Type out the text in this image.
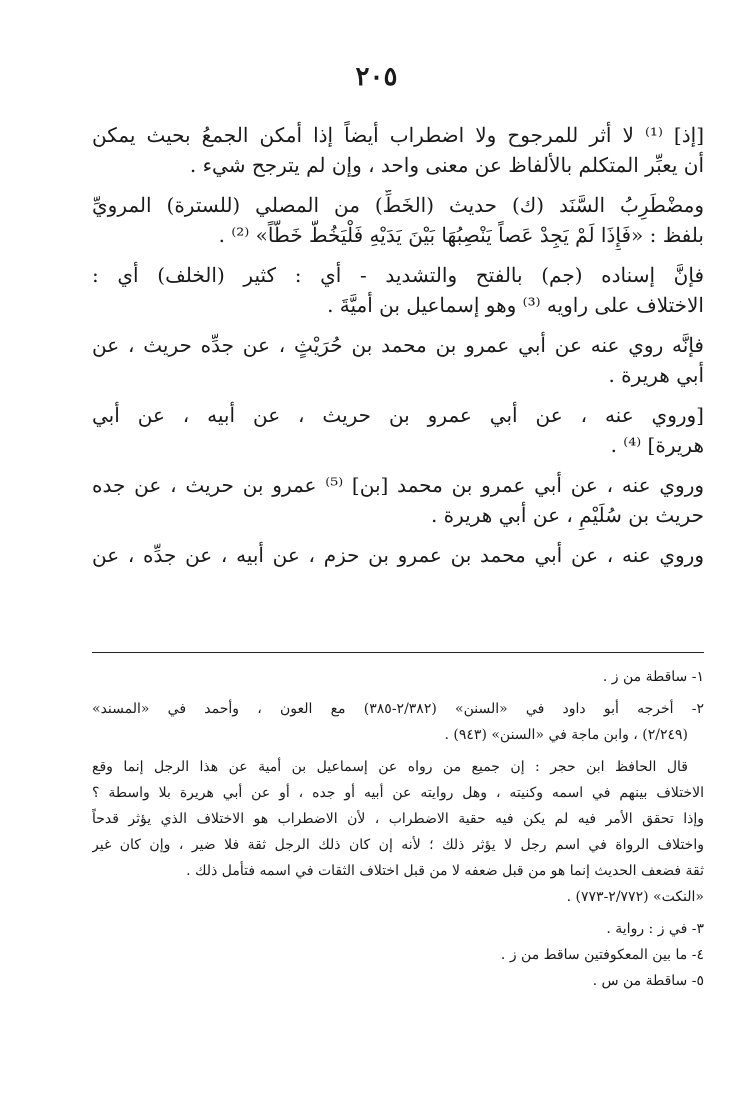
٢٠٥
[إذ] ⁽¹⁾ لا أثر للمرجوح ولا اضطراب أيضاً إذا أمكن الجمعُ بحيث يمكن
أن يعبِّر المتكلم بالألفاظ عن معنى واحد ، وإن لم يترجح شيء .
ومضْطَرِبُ السَّنَد (ك) حديث (الخَطِّ) من المصلي (للسترة) المرويِّ
بلفظ : «فَإِذَا لَمْ يَجِدْ عَصاً يَنْصِبُهَا بَيْنَ يَدَيْهِ فَلْيَخُطَّ خَطّاً» ⁽²⁾ .
فإنَّ إسناده (جم) بالفتح والتشديد - أي : كثير (الخلف) أي :
الاختلاف على راويه ⁽³⁾ وهو إسماعيل بن أميَّةَ .
فإنَّه روي عنه عن أبي عمرو بن محمد بن حُرَيْثٍ ، عن جدِّه حريث ، عن
أبي هريرة .
[وروي عنه ، عن أبي عمرو بن حريث ، عن أبيه ، عن أبي
هريرة] ⁽⁴⁾ .
وروي عنه ، عن أبي عمرو بن محمد [بن] ⁽⁵⁾ عمرو بن حريث ، عن جده
حريث بن سُلَيْمٍ ، عن أبي هريرة .
وروي عنه ، عن أبي محمد بن عمرو بن حزم ، عن أبيه ، عن جدِّه ، عن
١- ساقطة من ز .
٢- أخرجه أبو داود في «السنن» (٢/٣٨٢-٣٨٥) مع العون ، وأحمد في «المسند»
(٢/٢٤٩) ، وابن ماجة في «السنن» (٩٤٣) .
قال الحافظ ابن حجر : إن جميع من رواه عن إسماعيل بن أمية عن هذا الرجل إنما وقع
الاختلاف بينهم في اسمه وكنيته ، وهل روايته عن أبيه أو جده ، أو عن أبي هريرة بلا واسطة ؟
وإذا تحقق الأمر فيه لم يكن فيه حقية الاضطراب ، لأن الاضطراب هو الاختلاف الذي يؤثر قدحاً
واختلاف الرواة في اسم رجل لا يؤثر ذلك ؛ لأنه إن كان ذلك الرجل ثقة فلا ضير ، وإن كان غير
ثقة فضعف الحديث إنما هو من قبل ضعفه لا من قبل اختلاف الثقات في اسمه فتأمل ذلك .
«النكت» (٢/٧٧٢-٧٧٣) .
٣- في ز : رواية .
٤- ما بين المعكوفتين ساقط من ز .
٥- ساقطة من س .
